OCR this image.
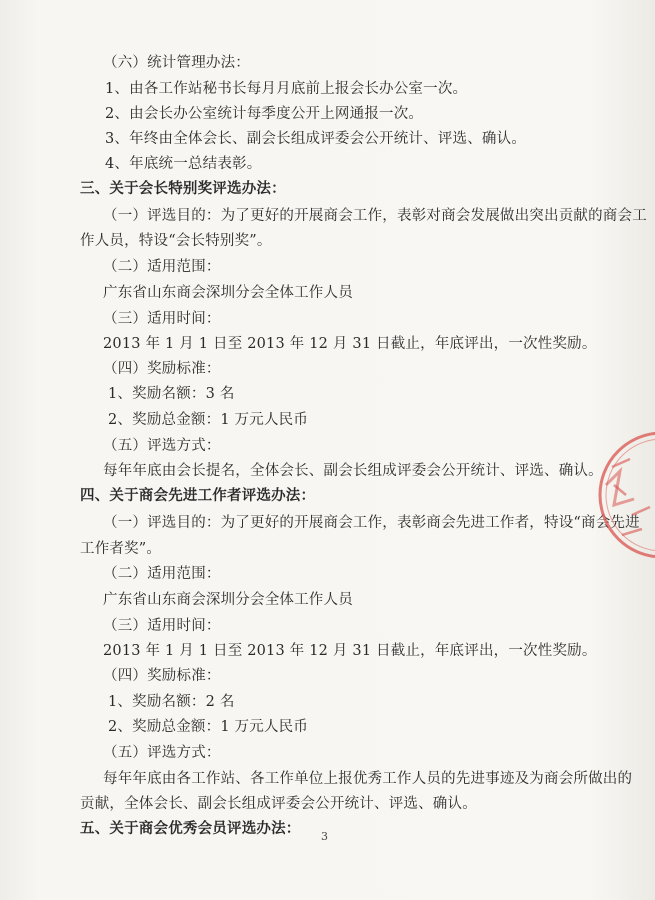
（六）统计管理办法：
1、由各工作站秘书长每月月底前上报会长办公室一次。
2、由会长办公室统计每季度公开上网通报一次。
3、年终由全体会长、副会长组成评委会公开统计、评选、确认。
4、年底统一总结表彰。
三、关于会长特别奖评选办法：
（一）评选目的：为了更好的开展商会工作，表彰对商会发展做出突出贡献的商会工
作人员，特设“会长特别奖”。
（二）适用范围：
广东省山东商会深圳分会全体工作人员
（三）适用时间：
2013 年 1 月 1 日至 2013 年 12 月 31 日截止，年底评出，一次性奖励。
（四）奖励标准：
1、奖励名额：3 名
2、奖励总金额：1 万元人民币
（五）评选方式：
每年年底由会长提名，全体会长、副会长组成评委会公开统计、评选、确认。
四、关于商会先进工作者评选办法：
（一）评选目的：为了更好的开展商会工作，表彰商会先进工作者，特设“商会先进
工作者奖”。
（二）适用范围：
广东省山东商会深圳分会全体工作人员
（三）适用时间：
2013 年 1 月 1 日至 2013 年 12 月 31 日截止，年底评出，一次性奖励。
（四）奖励标准：
1、奖励名额：2 名
2、奖励总金额：1 万元人民币
（五）评选方式：
每年年底由各工作站、各工作单位上报优秀工作人员的先进事迹及为商会所做出的
贡献，全体会长、副会长组成评委会公开统计、评选、确认。
五、关于商会优秀会员评选办法： 3
